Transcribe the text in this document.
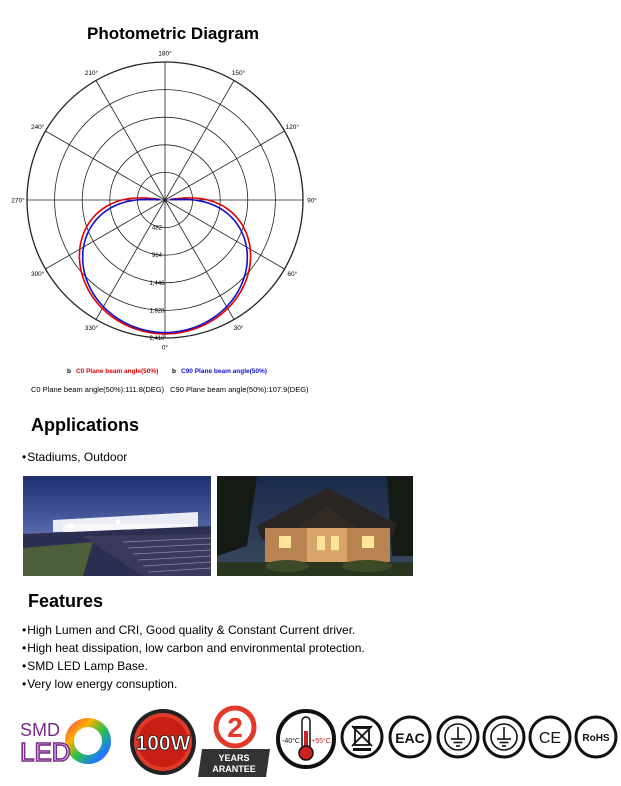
Photometric Diagram
180°
150°
120°
90°
60°
30°
0°
330°
300°
270°
240°
210°
482
964
1,446
1,928
2,410
b C0 Plane beam angle(50%) b C90 Plane beam angle(50%)
C0 Plane beam angle(50%):111.8(DEG) C90 Plane beam angle(50%):107.9(DEG)
Applications
• Stadiums, Outdoor
Features
• High Lumen and CRI, Good quality & Constant Current driver.
• High heat dissipation, low carbon and environmental protection.
• SMD LED Lamp Base.
• Very low energy consuption.
SMD
LED	100W
2
YEARS
ARANTEE
-40°C +55°C	EAC	CE RoHS
